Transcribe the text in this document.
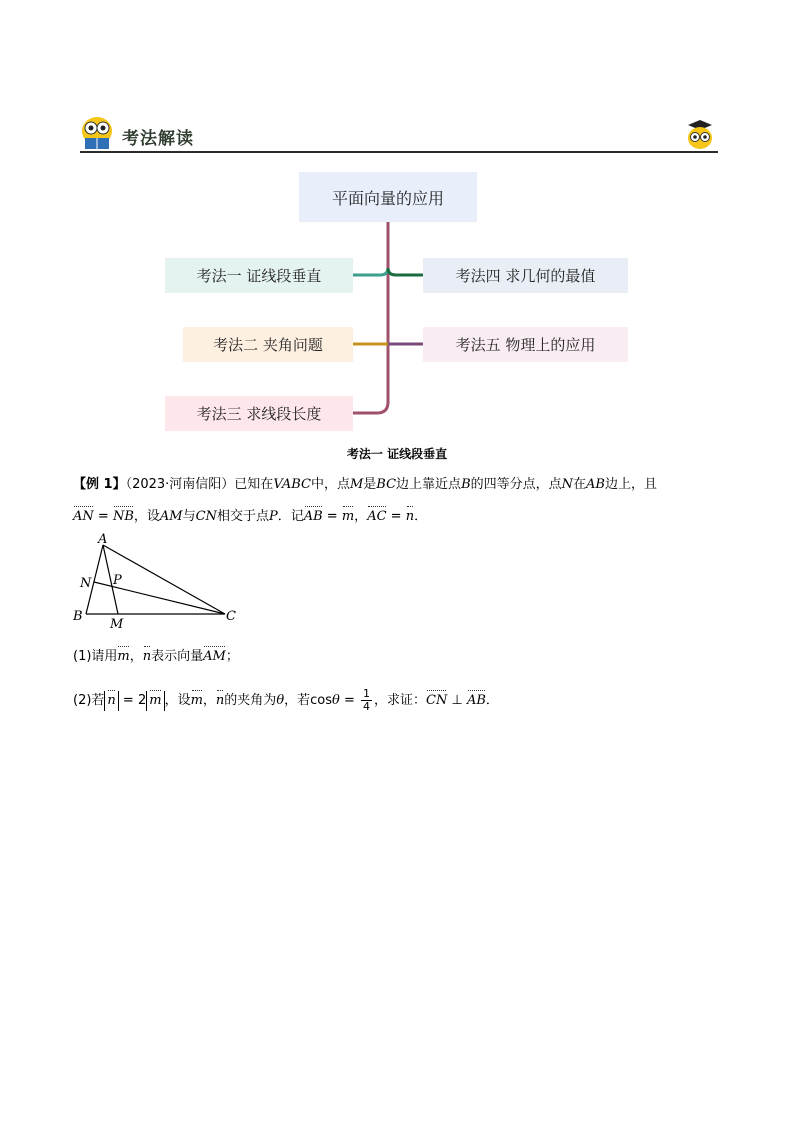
考法解读
平面向量的应用
考法一 证线段垂直
考法二 夹角问题
考法三 求线段长度
考法四 求几何的最值
考法五 物理上的应用
考法一 证线段垂直
【例 1】（2023·河南信阳）已知在VABC中，点M是BC边上靠近点B的四等分点，点N在AB边上，且
AN = NB，设AM与CN相交于点P．记AB = m，AC = n．
A
N P
B
M
C
(1)请用m，n表示向量AM；
(2)若 n = 2 m ，设m，n的夹角为θ，若$\cos\theta = \frac{1}{4}$ ，求证：CN ⊥ AB．
